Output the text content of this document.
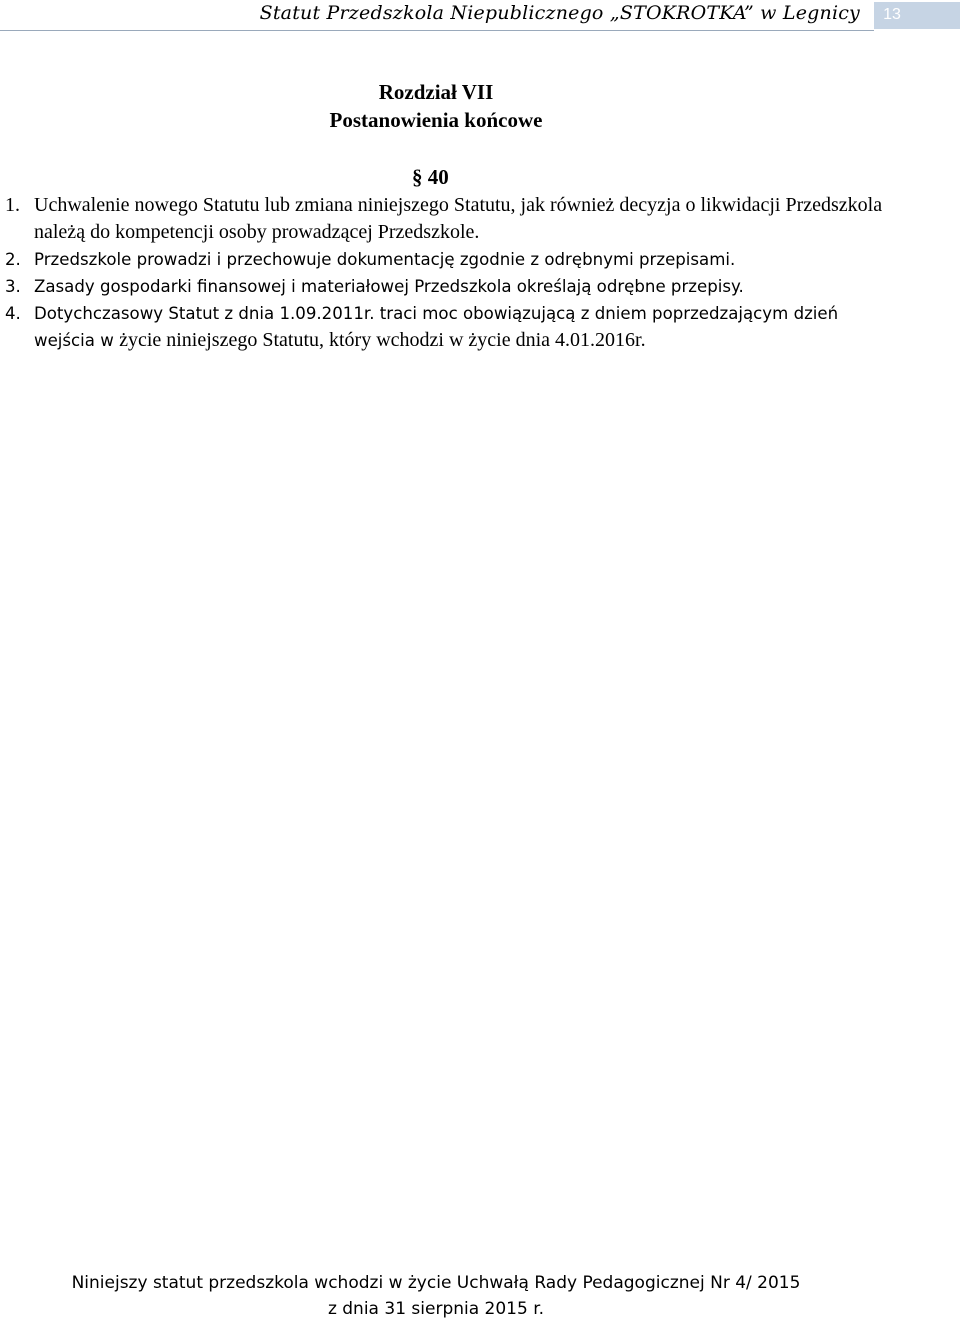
Statut Przedszkola Niepublicznego „STOKROTKA” w Legnicy	13
Rozdział VII
Postanowienia końcowe
§ 40
1. Uchwalenie nowego Statutu lub zmiana niniejszego Statutu, jak również decyzja o likwidacji Przedszkola należą do kompetencji osoby prowadzącej Przedszkole.
2. Przedszkole prowadzi i przechowuje dokumentację zgodnie z odrębnymi przepisami.
3. Zasady gospodarki finansowej i materiałowej Przedszkola określają odrębne przepisy.
4. Dotychczasowy Statut z dnia 1.09.2011r. traci moc obowiązującą z dniem poprzedzającym dzień wejścia w życie niniejszego Statutu, który wchodzi w życie dnia 4.01.2016r.
Niniejszy statut przedszkola wchodzi w życie Uchwałą Rady Pedagogicznej Nr 4/ 2015
z dnia 31 sierpnia 2015 r.
